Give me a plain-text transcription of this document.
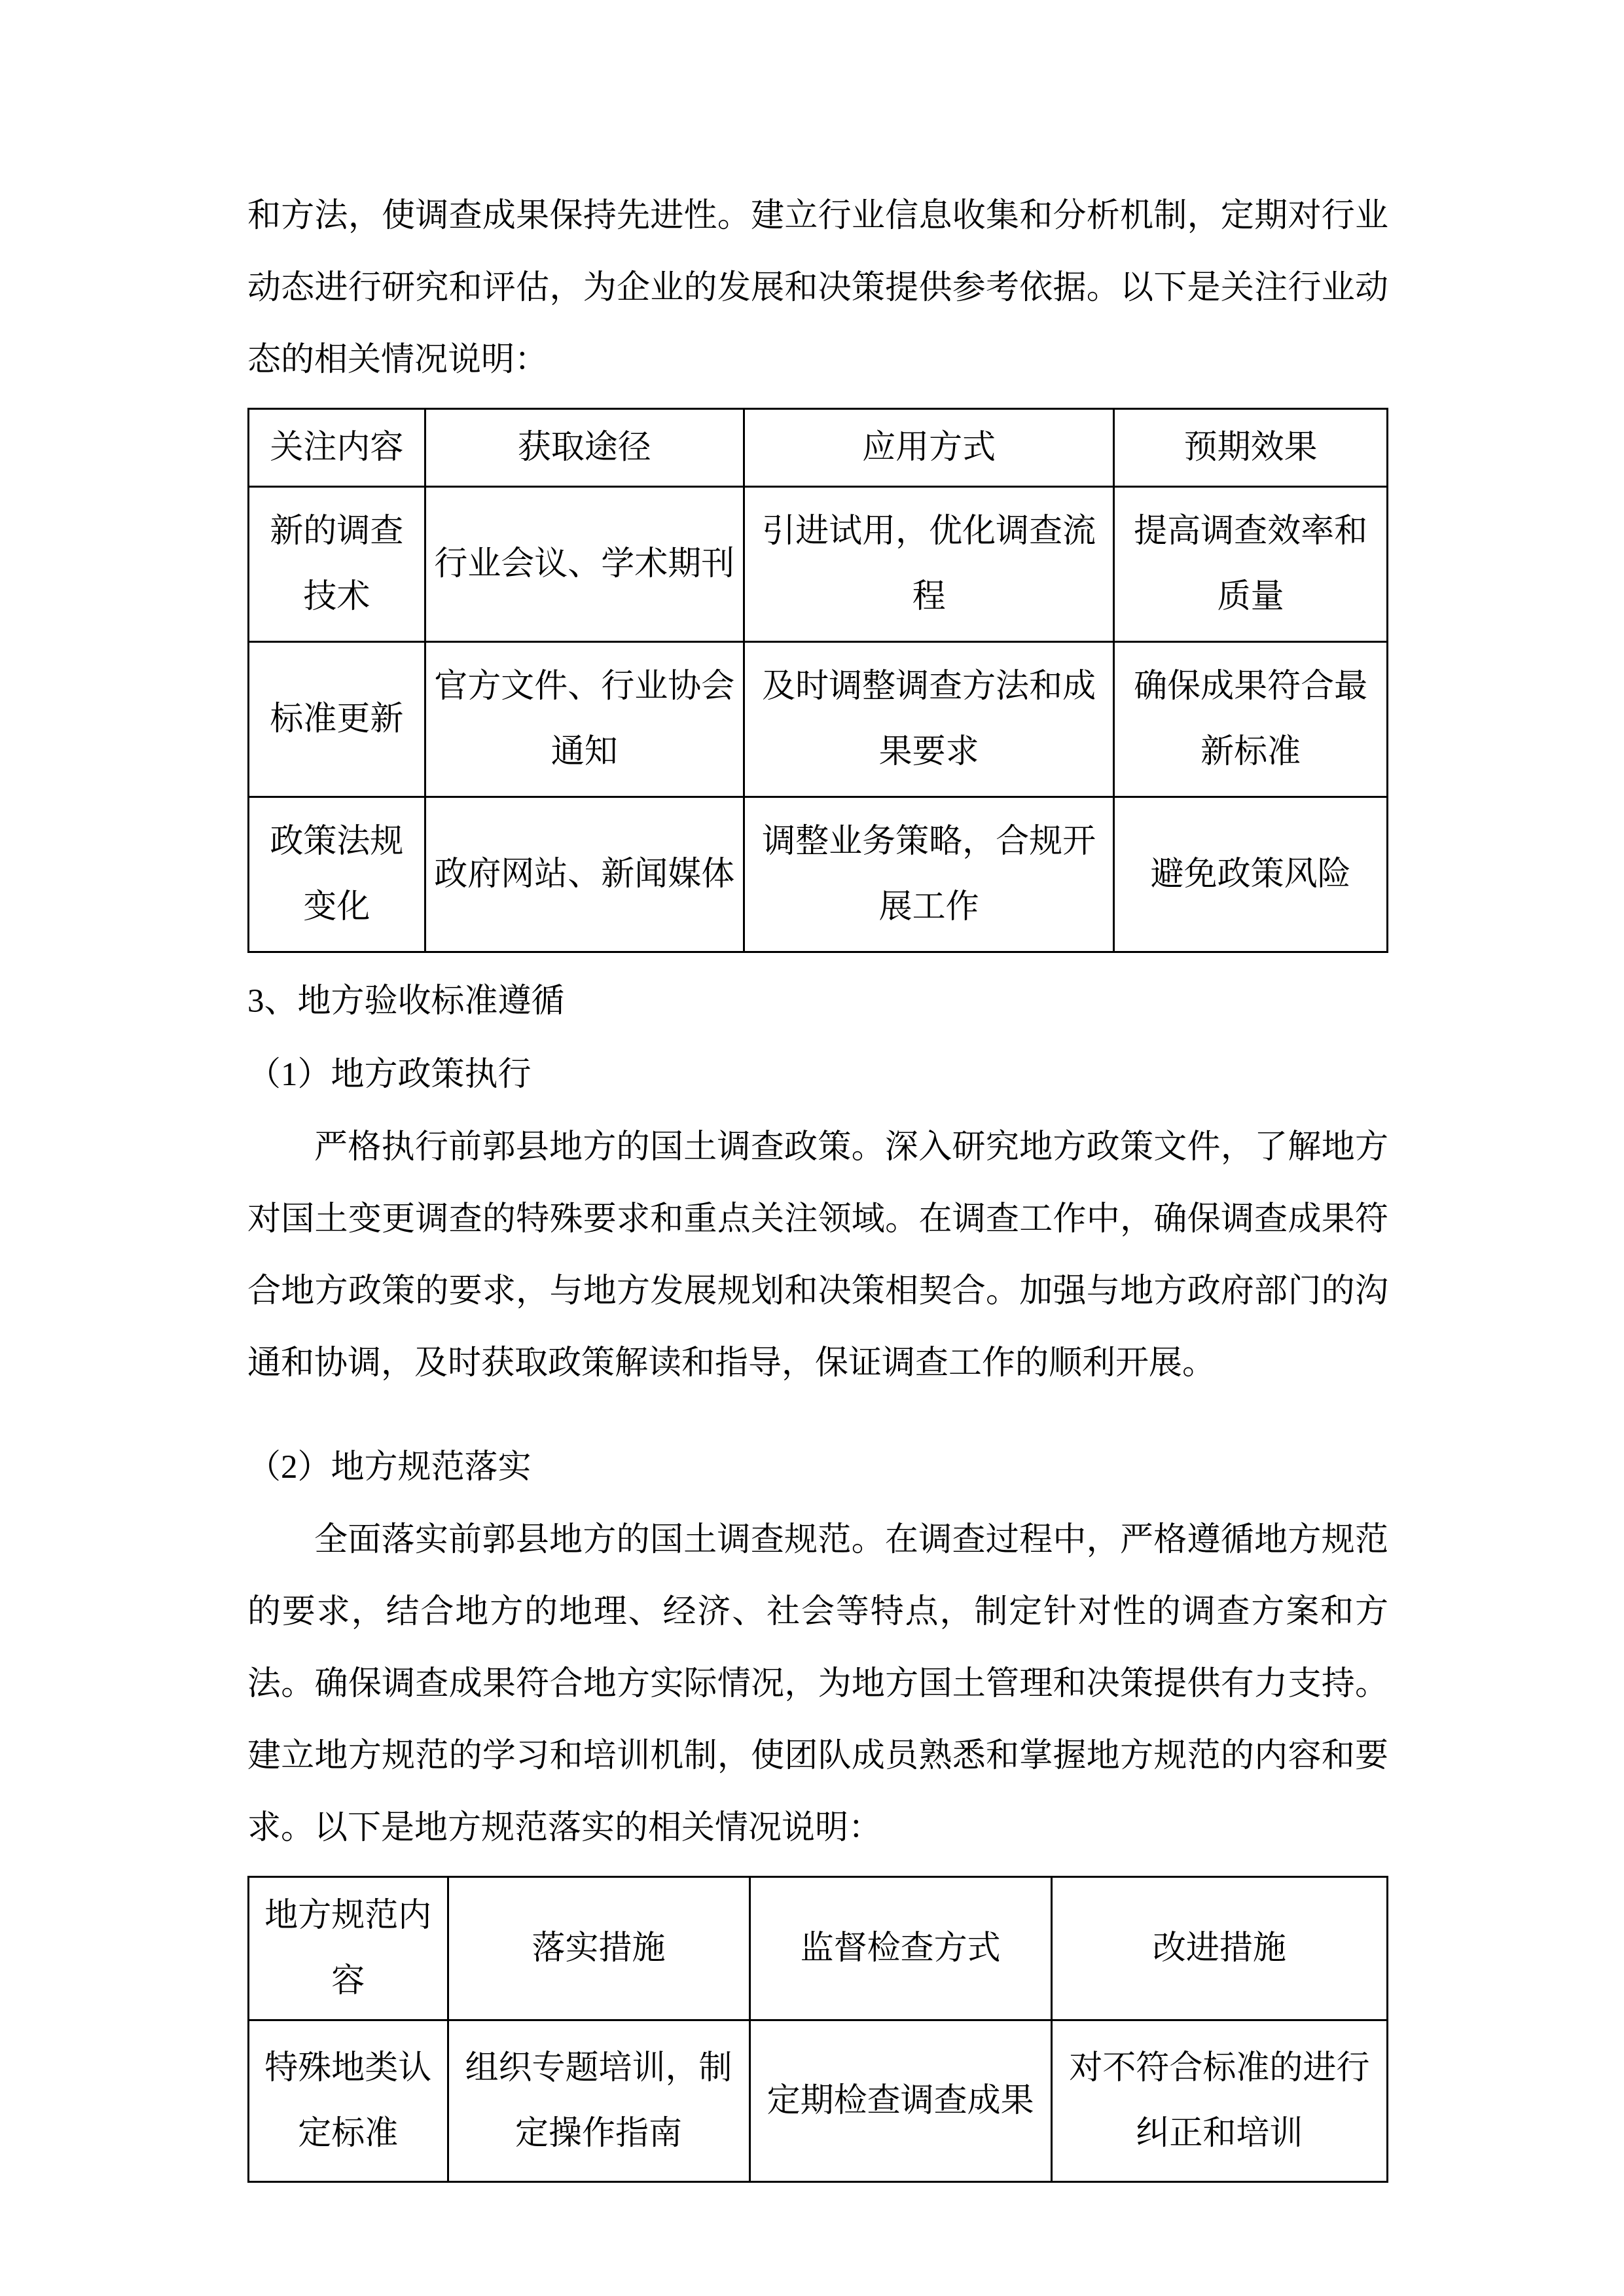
和方法，使调查成果保持先进性。建立行业信息收集和分析机制，定期对行业动态进行研究和评估，为企业的发展和决策提供参考依据。以下是关注行业动态的相关情况说明：

关注内容	获取途径	应用方式	预期效果
新的调查技术	行业会议、学术期刊	引进试用，优化调查流程	提高调查效率和质量
标准更新	官方文件、行业协会通知	及时调整调查方法和成果要求	确保成果符合最新标准
政策法规变化	政府网站、新闻媒体	调整业务策略，合规开展工作	避免政策风险

3、地方验收标准遵循

（1）地方政策执行

严格执行前郭县地方的国土调查政策。深入研究地方政策文件，了解地方对国土变更调查的特殊要求和重点关注领域。在调查工作中，确保调查成果符合地方政策的要求，与地方发展规划和决策相契合。加强与地方政府部门的沟通和协调，及时获取政策解读和指导，保证调查工作的顺利开展。

（2）地方规范落实

全面落实前郭县地方的国土调查规范。在调查过程中，严格遵循地方规范的要求，结合地方的地理、经济、社会等特点，制定针对性的调查方案和方法。确保调查成果符合地方实际情况，为地方国土管理和决策提供有力支持。建立地方规范的学习和培训机制，使团队成员熟悉和掌握地方规范的内容和要求。以下是地方规范落实的相关情况说明：

地方规范内容	落实措施	监督检查方式	改进措施
特殊地类认定标准	组织专题培训，制定操作指南	定期检查调查成果	对不符合标准的进行纠正和培训
